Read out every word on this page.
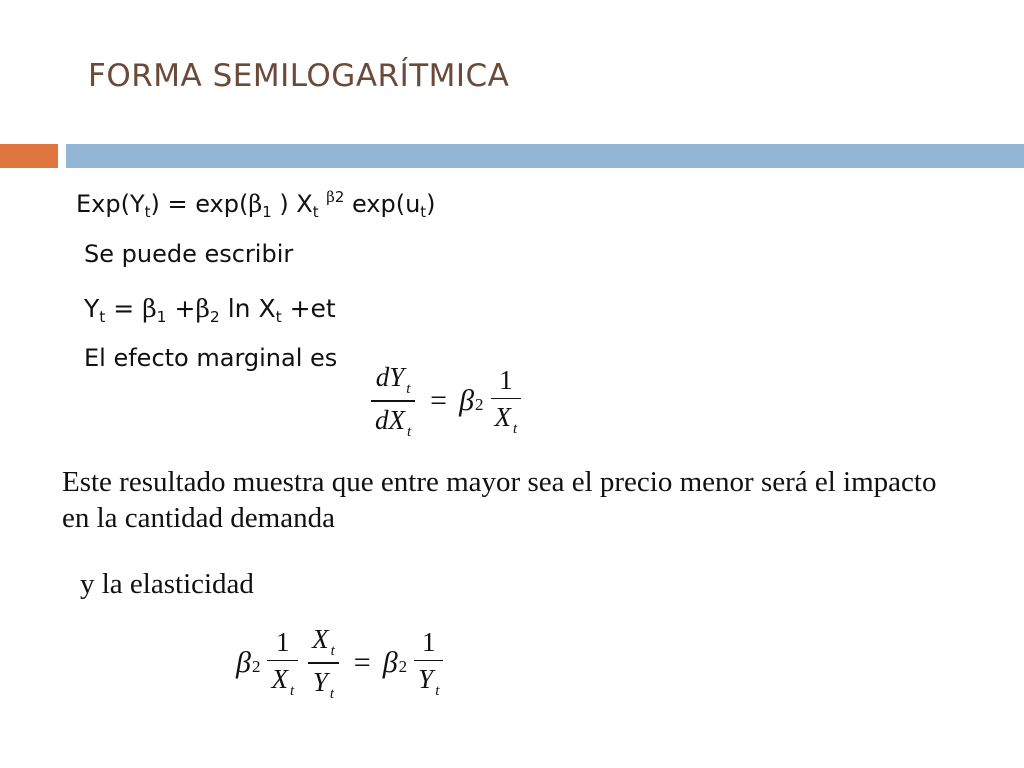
FORMA SEMILOGARÍTMICA
$Exp(Y_t) = \exp(\beta_1$ ) $X_t$ $^{\beta 2}$ $\exp(u_t)$
Se puede escribir
$Y_t = \beta_1 +\beta_2$ $\ln X_t +et$
El efecto marginal es
$\frac{dY _t}{dX _t} = \beta 2 \frac{1}{X _t}$
Este resultado muestra que entre mayor sea el precio menor será el impacto en la cantidad demanda
y la elasticidad
$\beta 2 \frac{1}{X _t}$
$\frac{X _t}{Y _t} = \beta 2 \frac{1}{Y _t}$
